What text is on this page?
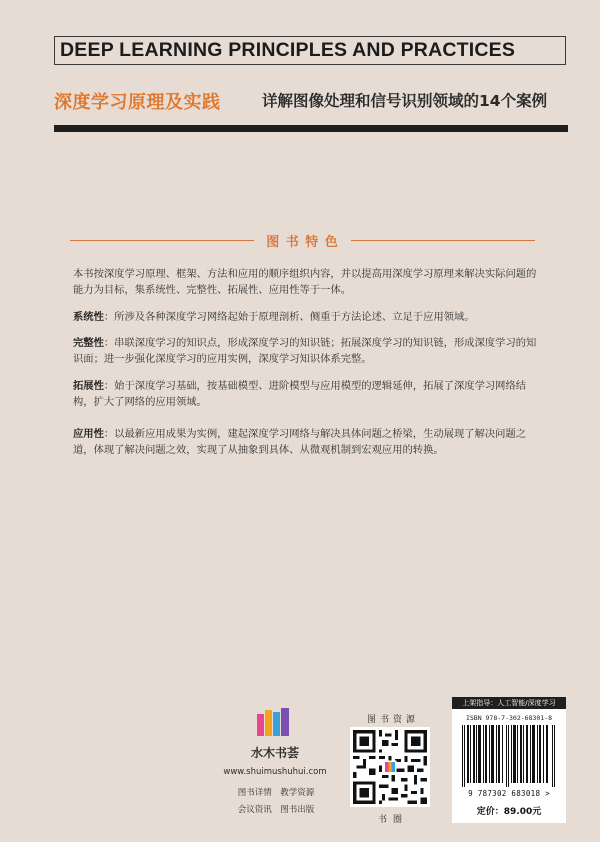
DEEP LEARNING PRINCIPLES AND PRACTICES
深度学习原理及实践	详解图像处理和信号识别领域的14个案例
图 书 特 色
本书按深度学习原理、框架、方法和应用的顺序组织内容，并以提高用深度学习原理来解决实际问题的能力为目标，集系统性、完整性、拓展性、应用性等于一体。
系统性：所涉及各种深度学习网络起始于原理剖析、侧重于方法论述、立足于应用领域。
完整性：串联深度学习的知识点，形成深度学习的知识链；拓展深度学习的知识链，形成深度学习的知识面；进一步强化深度学习的应用实例，深度学习知识体系完整。
拓展性：始于深度学习基础，按基础模型、进阶模型与应用模型的逻辑延伸，拓展了深度学习网络结构，扩大了网络的应用领域。
应用性：以最新应用成果为实例，建起深度学习网络与解决具体问题之桥梁，生动展现了解决问题之道，体现了解决问题之效，实现了从抽象到具体、从微观机制到宏观应用的转换。
水木书荟
www.shuimushuhui.com
图书详情　教学资源
会议资讯　图书出版
图书资源
书圈
上架指导：人工智能/深度学习
ISBN 978-7-302-68301-8
9 787302 683018 >
定价：89.00元
